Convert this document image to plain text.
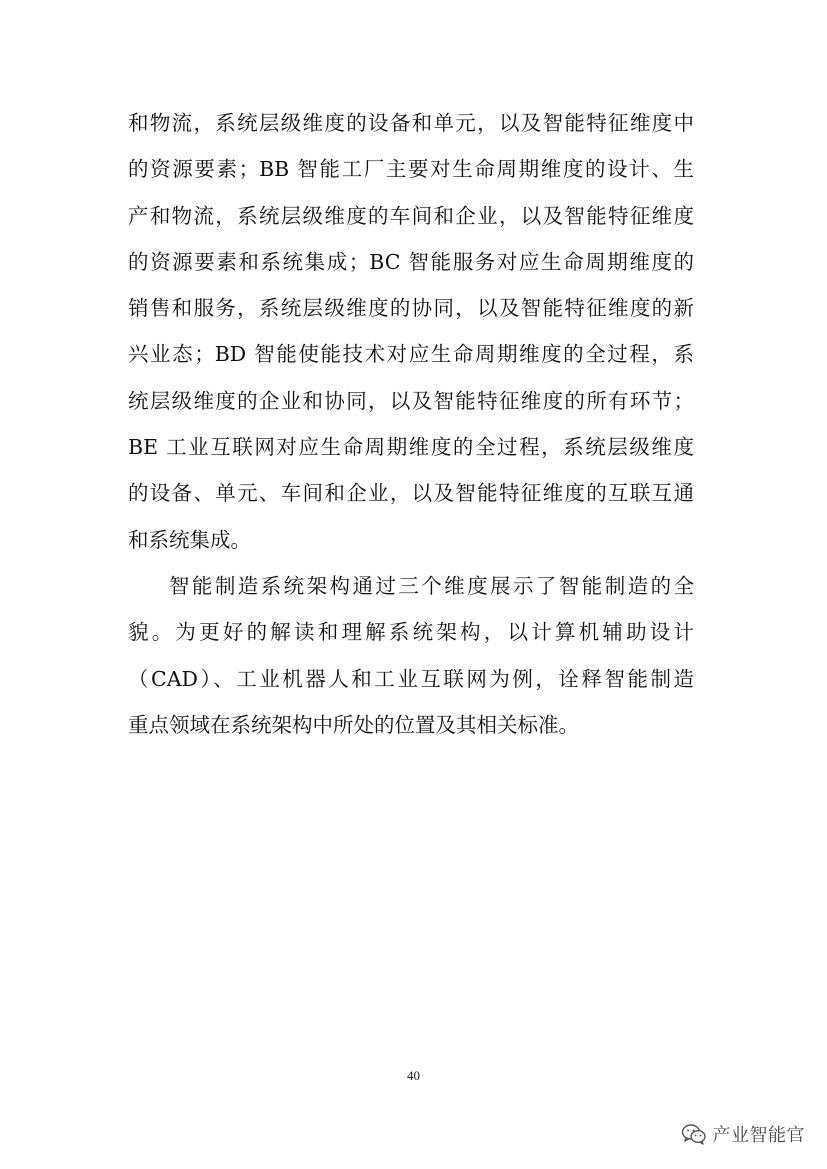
和物流，系统层级维度的设备和单元，以及智能特征维度中
的资源要素；BB 智能工厂主要对生命周期维度的设计、生
产和物流，系统层级维度的车间和企业，以及智能特征维度
的资源要素和系统集成；BC 智能服务对应生命周期维度的
销售和服务，系统层级维度的协同，以及智能特征维度的新
兴业态；BD 智能使能技术对应生命周期维度的全过程，系
统层级维度的企业和协同，以及智能特征维度的所有环节；
BE 工业互联网对应生命周期维度的全过程，系统层级维度
的设备、单元、车间和企业，以及智能特征维度的互联互通
和系统集成。
智能制造系统架构通过三个维度展示了智能制造的全
貌。为更好的解读和理解系统架构，以计算机辅助设计
（CAD）、工业机器人和工业互联网为例，诠释智能制造
重点领域在系统架构中所处的位置及其相关标准。
40
产业智能官
